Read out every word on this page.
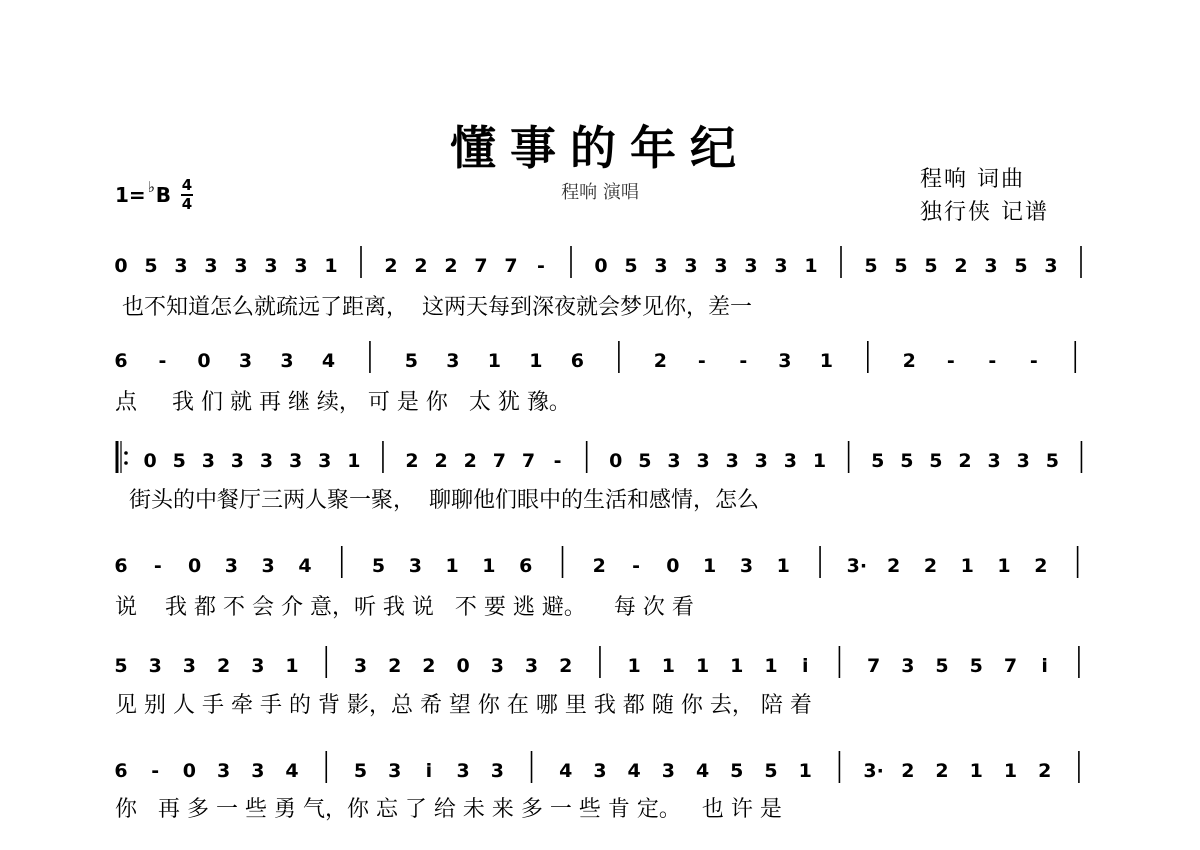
懂事的年纪
程响 演唱
程响 词曲
独行侠 记谱
1= ♭ B 4
4
0 5 3 3 3 3 3 1 2 2 2 7 7 -	0 5 3 3 3 3 3 1 5 5 5 2 3 5 3
也不知道怎么就疏远了距离，  这两天每到深夜就会梦见你，差一
6 - 0 3 3 4	5 3 1 1 6	2 - - 3 1	2 - - -
点     我 们 就 再 继 续， 可 是 你   太 犹 豫。
0 5 3 3 3 3 3 1 2 2 2 7 7 -	0 5 3 3 3 3 3 1 5 5 5 2 3 3 5
街头的中餐厅三两人聚一聚，  聊聊他们眼中的生活和感情，怎么
6 - 0 3 3 4	5 3 1 1 6	2 - 0 1 3 1	3· 2 2 1 1 2
说    我 都 不 会 介 意，听 我 说   不 要 逃 避。    每 次 看
5 3 3 2 3 1	3 2 2 0 3 3 2	1 1 1 1 1 i	7 3 5 5 7 i
见 别 人 手 牵 手 的 背 影，总 希 望 你 在 哪 里 我 都 随 你 去， 陪 着
6 - 0 3 3 4	5 3 i 3 3	4 3 4 3 4 5 5 1	3· 2 2 1 1 2
你   再 多 一 些 勇 气，你 忘 了 给 未 来 多 一 些 肯 定。   也 许 是
